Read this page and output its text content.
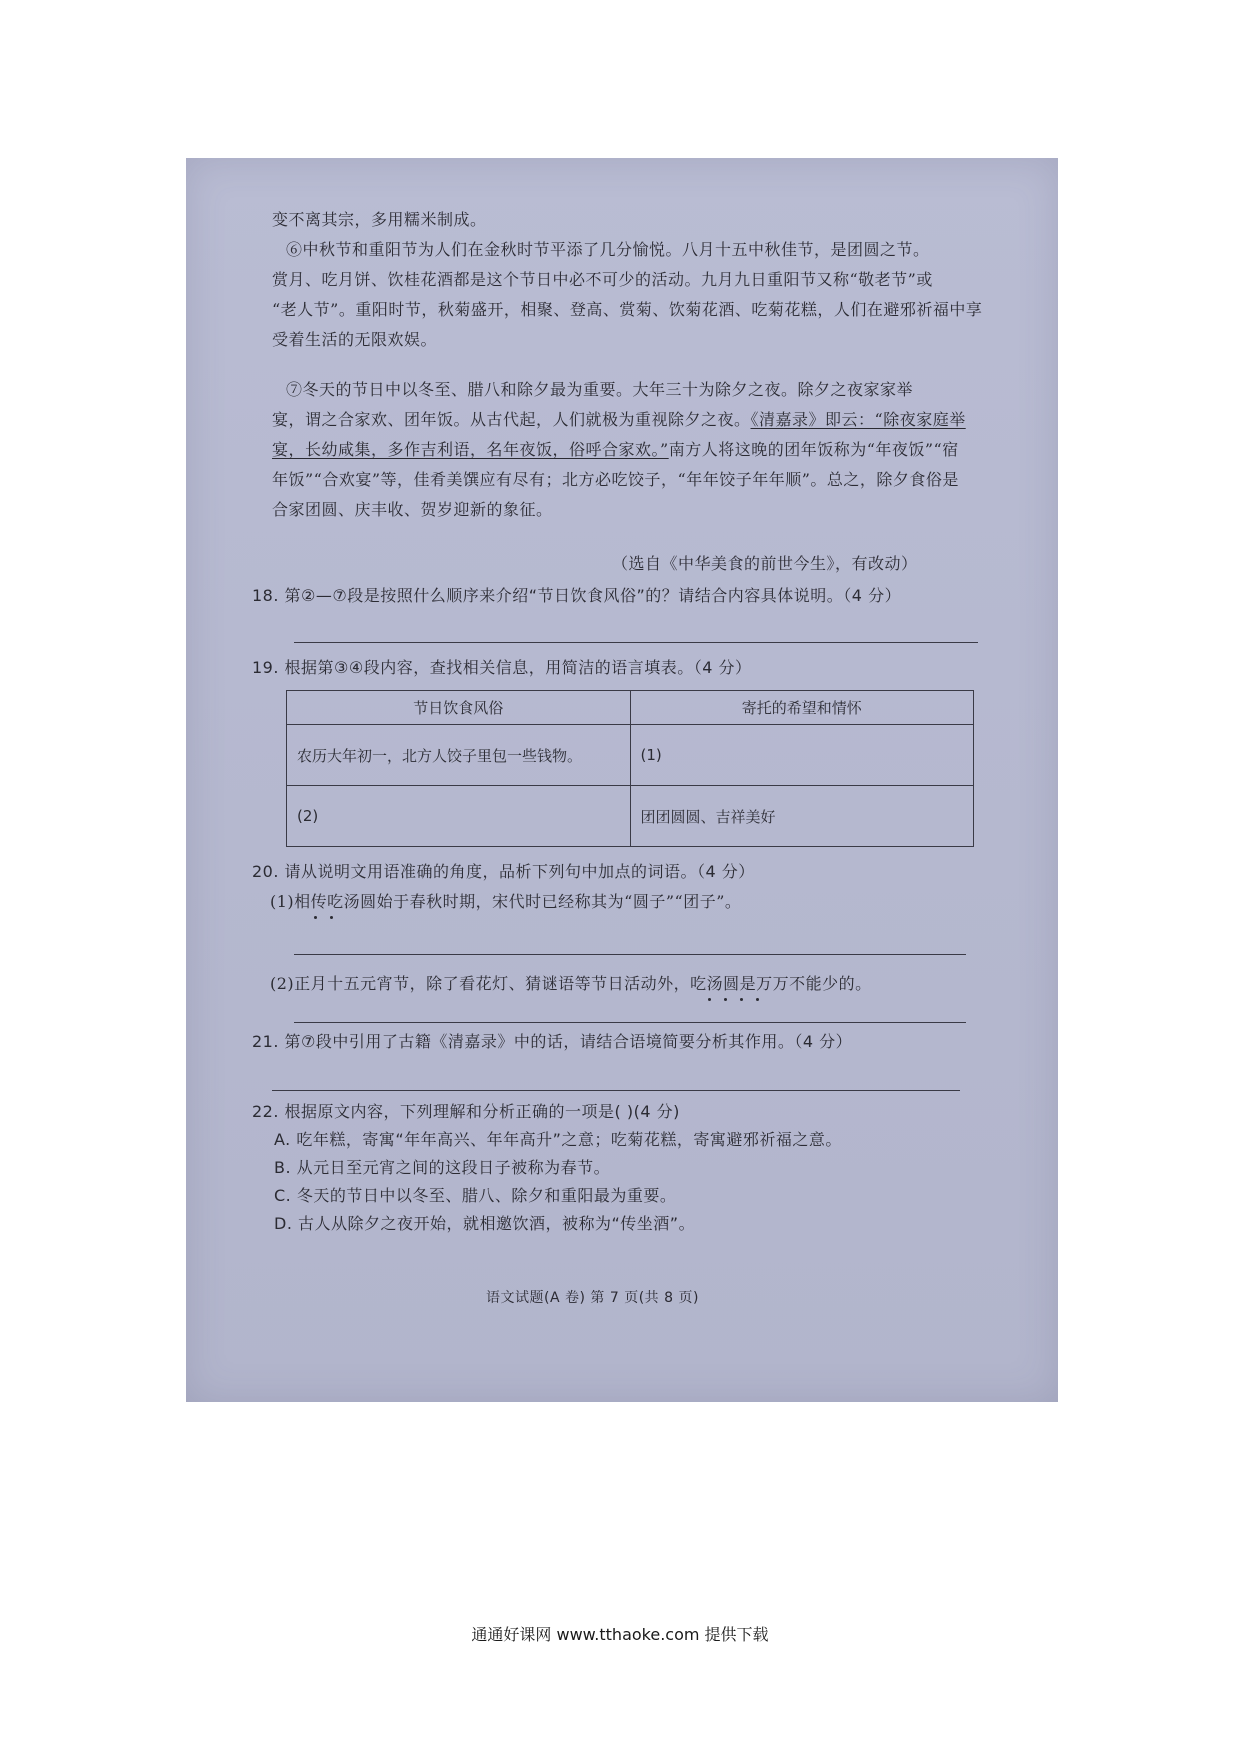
变不离其宗，多用糯米制成。
⑥中秋节和重阳节为人们在金秋时节平添了几分愉悦。八月十五中秋佳节，是团圆之节。
赏月、吃月饼、饮桂花酒都是这个节日中必不可少的活动。九月九日重阳节又称“敬老节”或
“老人节”。重阳时节，秋菊盛开，相聚、登高、赏菊、饮菊花酒、吃菊花糕，人们在避邪祈福中享
受着生活的无限欢娱。
⑦冬天的节日中以冬至、腊八和除夕最为重要。大年三十为除夕之夜。除夕之夜家家举
宴，谓之合家欢、团年饭。从古代起，人们就极为重视除夕之夜。《清嘉录》即云：“除夜家庭举
宴，长幼咸集，多作吉利语，名年夜饭，俗呼合家欢。”南方人将这晚的团年饭称为“年夜饭”“宿
年饭”“合欢宴”等，佳肴美馔应有尽有；北方必吃饺子，“年年饺子年年顺”。总之，除夕食俗是
合家团圆、庆丰收、贺岁迎新的象征。
（选自《中华美食的前世今生》，有改动）
18. 第②—⑦段是按照什么顺序来介绍“节日饮食风俗”的？请结合内容具体说明。（4 分）
19. 根据第③④段内容，查找相关信息，用简洁的语言填表。（4 分）
节日饮食风俗	寄托的希望和情怀
农历大年初一，北方人饺子里包一些钱物。	(1)
(2)	团团圆圆、吉祥美好
20. 请从说明文用语准确的角度，品析下列句中加点的词语。（4 分）
(1)相传吃汤圆始于春秋时期，宋代时已经称其为“圆子”“团子”。
(2)正月十五元宵节，除了看花灯、猜谜语等节日活动外，吃汤圆是万万不能少的。
21. 第⑦段中引用了古籍《清嘉录》中的话，请结合语境简要分析其作用。（4 分）
22. 根据原文内容，下列理解和分析正确的一项是( )(4 分)
A. 吃年糕，寄寓“年年高兴、年年高升”之意；吃菊花糕，寄寓避邪祈福之意。
B. 从元日至元宵之间的这段日子被称为春节。
C. 冬天的节日中以冬至、腊八、除夕和重阳最为重要。
D. 古人从除夕之夜开始，就相邀饮酒，被称为“传坐酒”。
语文试题(A 卷) 第 7 页(共 8 页)
通通好课网 www.tthaoke.com 提供下载
